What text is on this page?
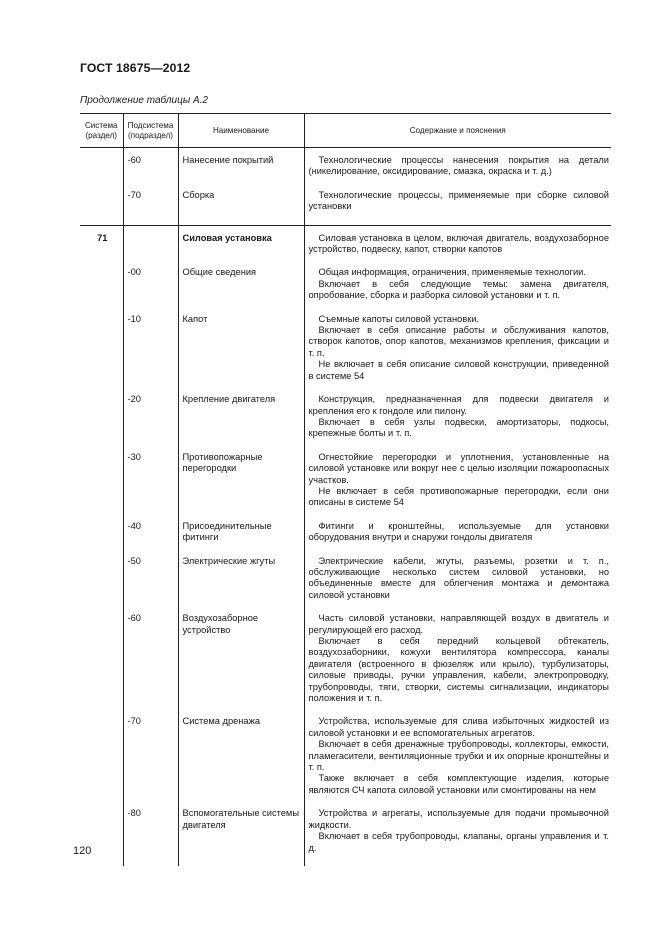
ГОСТ 18675—2012
Продолжение таблицы А.2
Система (раздел)	Подсистема (подраздел)	Наименование	Содержание и пояснения
	-60	Нанесение покрытий	Технологические процессы нанесения покрытия на детали (никелирование, оксидирование, смазка, окраска и т. д.)

	-70	Сборка	Технологические процессы, применяемые при сборке силовой установки

71		Силовая установка	Силовая установка в целом, включая двигатель, воздухозаборное устройство, подвеску, капот, створки капотов

	-00	Общие сведения	Общая информация, ограничения, применяемые технологии.

Включает в себя следующие темы: замена двигателя, опробование, сборка и разборка силовой установки и т. п.

	-10	Капот	Съемные капоты силовой установки.

Включает в себя описание работы и обслуживания капотов, створок капотов, опор капотов, механизмов крепления, фиксации и т. п.

Не включает в себя описание силовой конструкции, приведенной в системе 54

	-20	Крепление двигателя	Конструкция, предназначенная для подвески двигателя и крепления его к гондоле или пилону.

Включает в себя узлы подвески, амортизаторы, подкосы, крепежные болты и т. п.

	-30	Противопожарные перегородки	Огнестойкие перегородки и уплотнения, установленные на силовой установке или вокруг нее с целью изоляции пожароопасных участков.

Не включает в себя противопожарные перегородки, если они описаны в системе 54

	-40	Присоединительные фитинги	Фитинги и кронштейны, используемые для установки оборудования внутри и снаружи гондолы двигателя

	-50	Электрические жгуты	Электрические кабели, жгуты, разъемы, розетки и т. п., обслуживающие несколько систем силовой установки, но объединенные вместе для облегчения монтажа и демонтажа силовой установки

	-60	Воздухозаборное устройство	Часть силовой установки, направляющей воздух в двигатель и регулирующей его расход.

Включает в себя передний кольцевой обтекатель, воздухозаборники, кожухи вентилятора компрессора, каналы двигателя (встроенного в фюзеляж или крыло), турбулизаторы, силовые приводы, ручки управления, кабели, электропроводку, трубопроводы, тяги, створки, системы сигнализации, индикаторы положения и т. п.

	-70	Система дренажа	Устройства, используемые для слива избыточных жидкостей из силовой установки и ее вспомогательных агрегатов.

Включает в себя дренажные трубопроводы, коллекторы, емкости, пламегасители, вентиляционные трубки и их опорные кронштейны и т. п.

Также включает в себя комплектующие изделия, которые являются СЧ капота силовой установки или смонтированы на нем

	-80	Вспомогательные системы двигателя	Устройства и агрегаты, используемые для подачи промывочной жидкости.

Включает в себя трубопроводы, клапаны, органы управления и т. д.

120
